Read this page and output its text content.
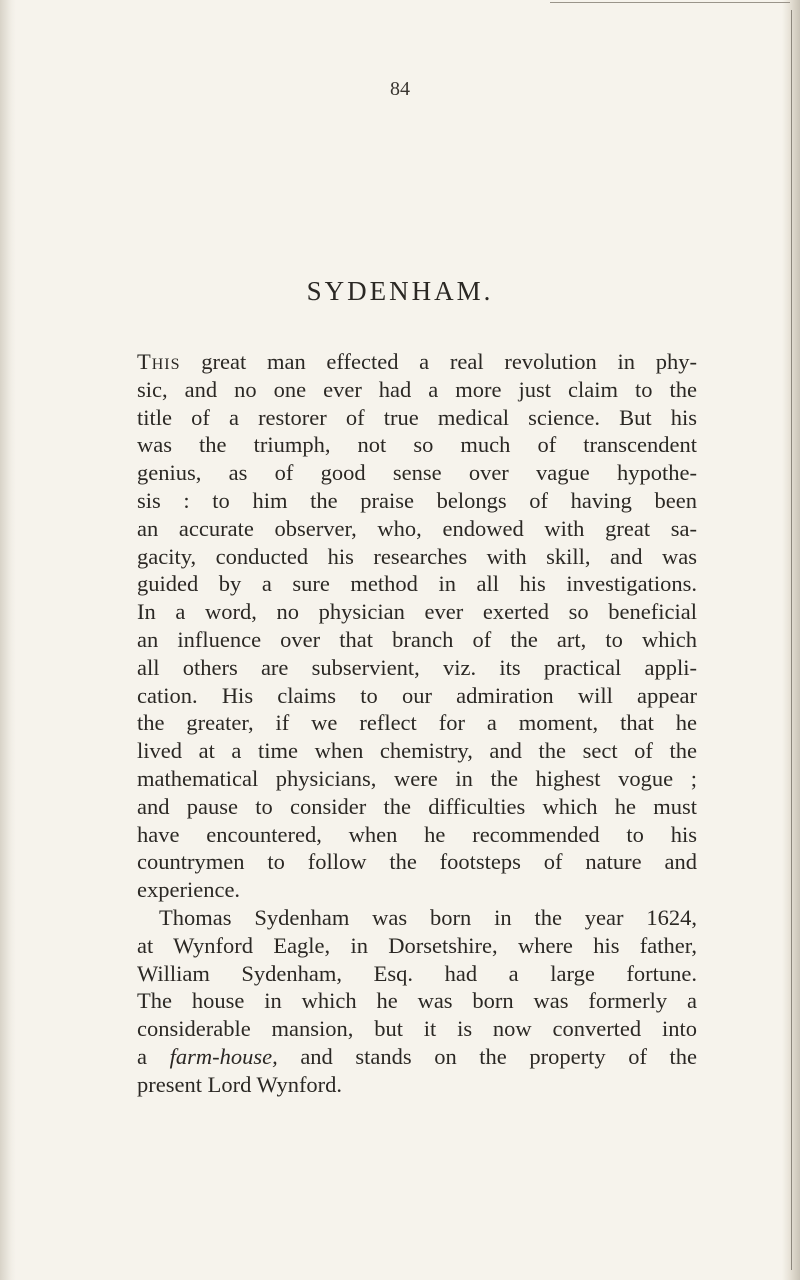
84
SYDENHAM.
This great man effected a real revolution in phy-
sic, and no one ever had a more just claim to the
title of a restorer of true medical science. But his
was the triumph, not so much of transcendent
genius, as of good sense over vague hypothe-
sis : to him the praise belongs of having been
an accurate observer, who, endowed with great sa-
gacity, conducted his researches with skill, and was
guided by a sure method in all his investigations.
In a word, no physician ever exerted so beneficial
an influence over that branch of the art, to which
all others are subservient, viz. its practical appli-
cation. His claims to our admiration will appear
the greater, if we reflect for a moment, that he
lived at a time when chemistry, and the sect of the
mathematical physicians, were in the highest vogue ;
and pause to consider the difficulties which he must
have encountered, when he recommended to his
countrymen to follow the footsteps of nature and
experience.
Thomas Sydenham was born in the year 1624,
at Wynford Eagle, in Dorsetshire, where his father,
William Sydenham, Esq. had a large fortune.
The house in which he was born was formerly a
considerable mansion, but it is now converted into
a farm-house, and stands on the property of the
present Lord Wynford.
